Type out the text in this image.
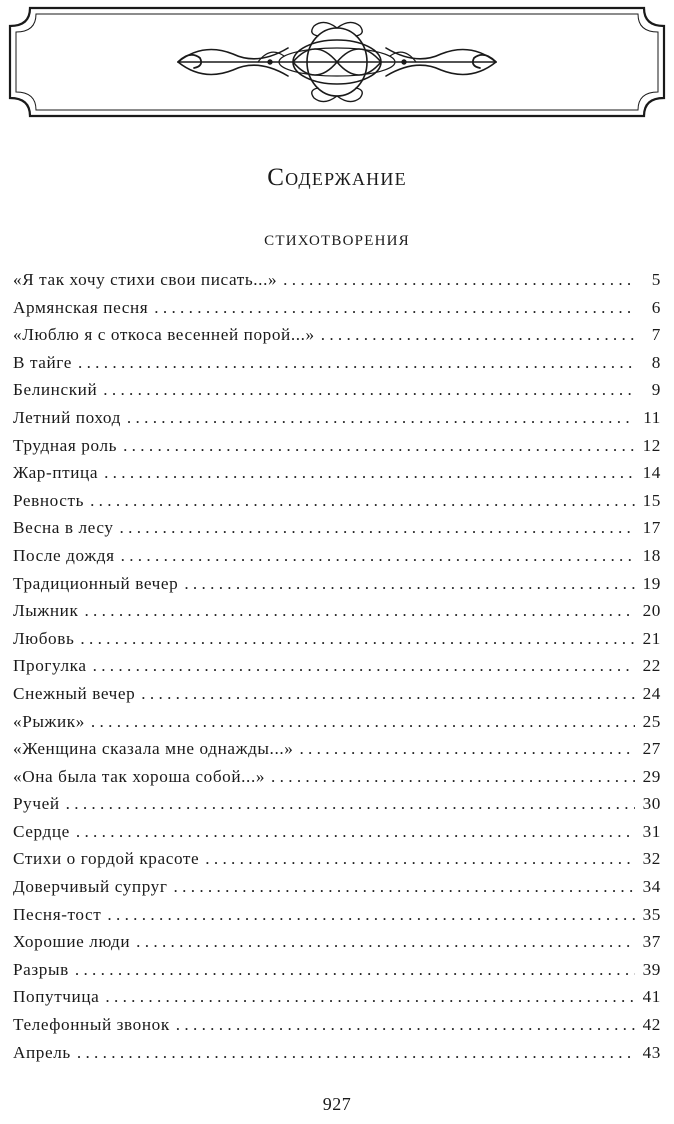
Содержание
стихотворения
«Я так хочу стихи свои писать...» . . .	5
Армянская песня . . .	6
«Люблю я с откоса весенней порой...» . . .	7
В тайге . . .	8
Белинский . . .	9
Летний поход . . .	11
Трудная роль . . .	12
Жар-птица . . .	14
Ревность . . .	15
Весна в лесу . . .	17
После дождя . . .	18
Традиционный вечер . . .	19
Лыжник . . .	20
Любовь . . .	21
Прогулка . . .	22
Снежный вечер . . .	24
«Рыжик» . . .	25
«Женщина сказала мне однажды...» . . .	27
«Она была так хороша собой...» . . .	29
Ручей . . .	30
Сердце . . .	31
Стихи о гордой красоте . . .	32
Доверчивый супруг . . .	34
Песня-тост . . .	35
Хорошие люди . . .	37
Разрыв . . .	39
Попутчица . . .	41
Телефонный звонок . . .	42
Апрель . . .	43
927
